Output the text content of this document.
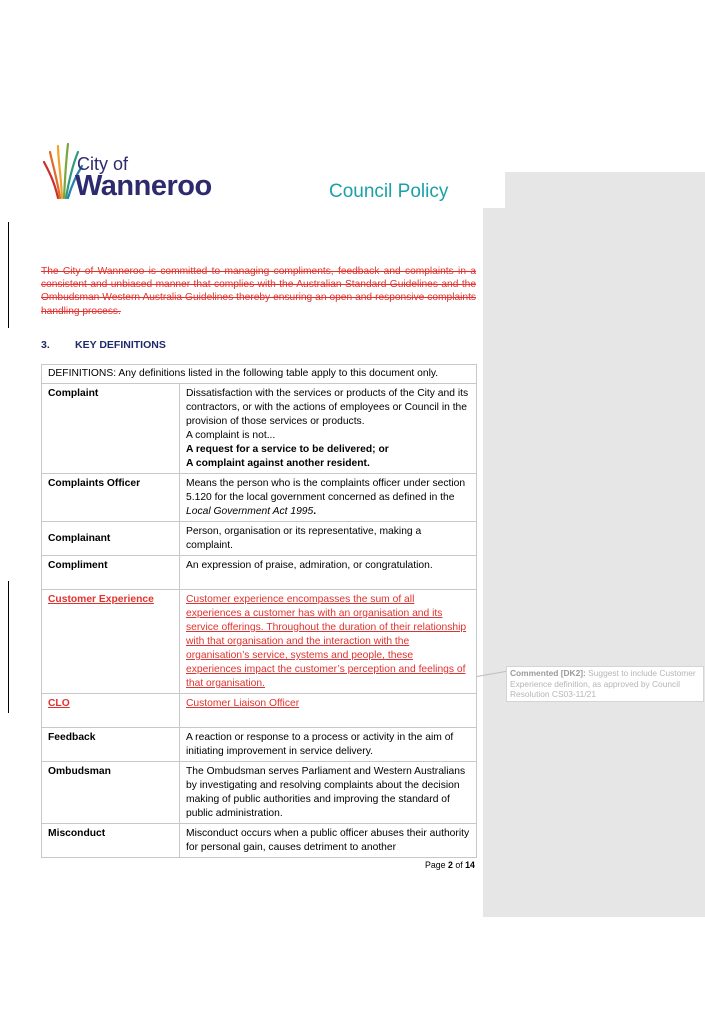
City of
Wanneroo	Council Policy
The City of Wanneroo is committed to managing compliments, feedback and complaints in a consistent and unbiased manner that complies with the Australian Standard Guidelines and the Ombudsman Western Australia Guidelines thereby ensuring an open and responsive complaints handling process.
3. KEY DEFINITIONS
DEFINITIONS: Any definitions listed in the following table apply to this document only.	
Complaint	Dissatisfaction with the services or products of the City and its contractors, or with the actions of employees or Council in the provision of those services or products.
A complaint is not...
A request for a service to be delivered; or
A complaint against another resident.

Complaints Officer	Means the person who is the complaints officer under section 5.120 for the local government concerned as defined in the Local Government Act 1995.
Complainant	Person, organisation or its representative, making a complaint.
Compliment	An expression of praise, admiration, or congratulation.
Customer Experience	Customer experience encompasses the sum of all experiences a customer has with an organisation and its service offerings. Throughout the duration of their relationship with that organisation and the interaction with the organisation’s service, systems and people, these experiences impact the customer’s perception and feelings of that organisation.
CLO	Customer Liaison Officer
Feedback	A reaction or response to a process or activity in the aim of initiating improvement in service delivery.
Ombudsman	The Ombudsman serves Parliament and Western Australians by investigating and resolving complaints about the decision making of public authorities and improving the standard of public administration.
Misconduct	Misconduct occurs when a public officer abuses their authority for personal gain, causes detriment to another
Commented [DK2]: Suggest to include Customer Experience definition, as approved by Council Resolution CS03-11/21
Page 2 of 14
